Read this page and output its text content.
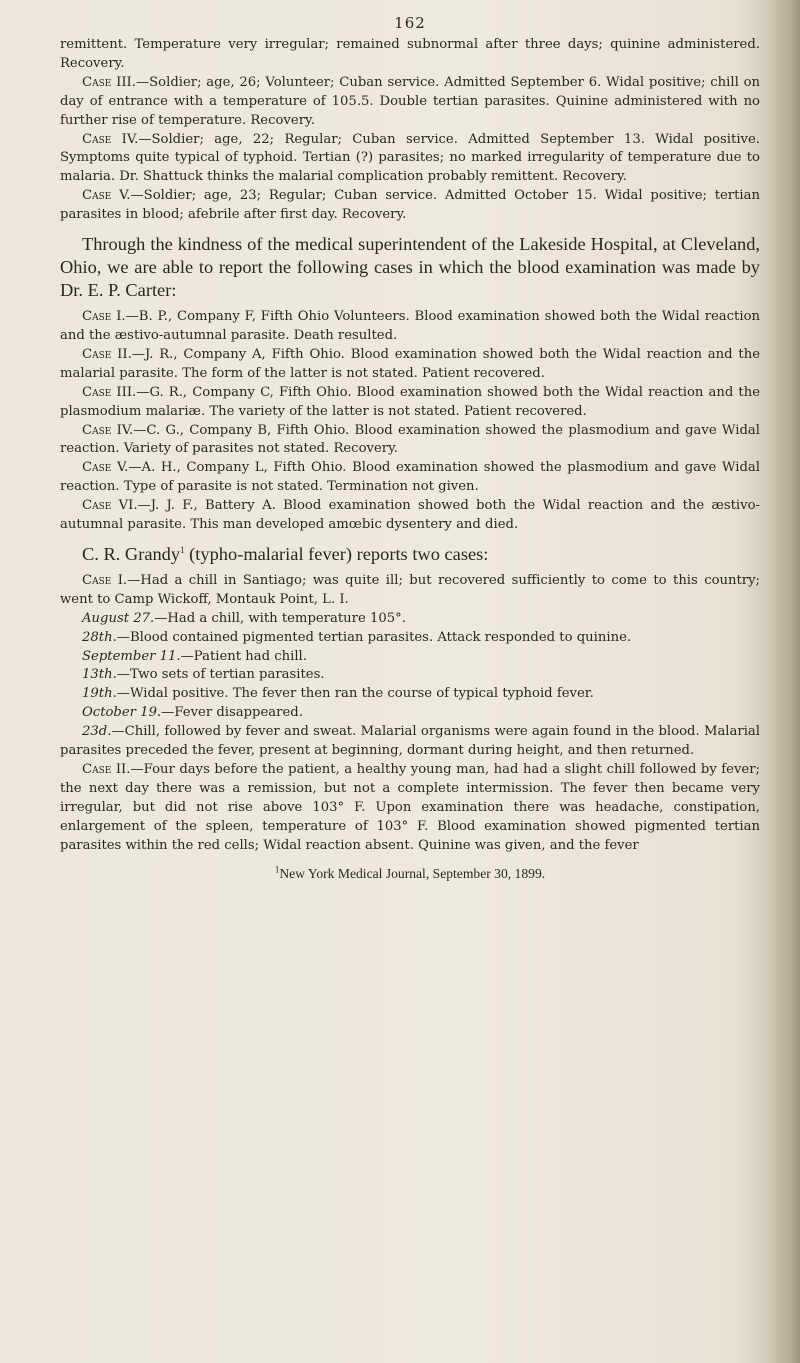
162

remittent. Temperature very irregular; remained subnormal after three days; quinine administered. Recovery.

Case III.—Soldier; age, 26; Volunteer; Cuban service. Admitted September 6. Widal positive; chill on day of entrance with a temperature of 105.5. Double tertian parasites. Quinine administered with no further rise of temperature. Recovery.

Case IV.—Soldier; age, 22; Regular; Cuban service. Admitted September 13. Widal positive. Symptoms quite typical of typhoid. Tertian (?) parasites; no marked irregularity of temperature due to malaria. Dr. Shattuck thinks the malarial complication probably remittent. Recovery.

Case V.—Soldier; age, 23; Regular; Cuban service. Admitted October 15. Widal positive; tertian parasites in blood; afebrile after first day. Recovery.

Through the kindness of the medical superintendent of the Lakeside Hospital, at Cleveland, Ohio, we are able to report the following cases in which the blood examination was made by Dr. E. P. Carter:

Case I.—B. P., Company F, Fifth Ohio Volunteers. Blood examination showed both the Widal reaction and the æstivo-autumnal parasite. Death resulted.

Case II.—J. R., Company A, Fifth Ohio. Blood examination showed both the Widal reaction and the malarial parasite. The form of the latter is not stated. Patient recovered.

Case III.—G. R., Company C, Fifth Ohio. Blood examination showed both the Widal reaction and the plasmodium malariæ. The variety of the latter is not stated. Patient recovered.

Case IV.—C. G., Company B, Fifth Ohio. Blood examination showed the plasmodium and gave Widal reaction. Variety of parasites not stated. Recovery.

Case V.—A. H., Company L, Fifth Ohio. Blood examination showed the plasmodium and gave Widal reaction. Type of parasite is not stated. Termination not given.

Case VI.—J. J. F., Battery A. Blood examination showed both the Widal reaction and the æstivo-autumnal parasite. This man developed amœbic dysentery and died.

C. R. Grandy$^1$ (typho-malarial fever) reports two cases:

Case I.—Had a chill in Santiago; was quite ill; but recovered sufficiently to come to this country; went to Camp Wickoff, Montauk Point, L. I.

August 27.—Had a chill, with temperature 105°.

28th.—Blood contained pigmented tertian parasites. Attack responded to quinine.

September 11.—Patient had chill.

13th.—Two sets of tertian parasites.

19th.—Widal positive. The fever then ran the course of typical typhoid fever.

October 19.—Fever disappeared.

23d.—Chill, followed by fever and sweat. Malarial organisms were again found in the blood. Malarial parasites preceded the fever, present at beginning, dormant during height, and then returned.

Case II.—Four days before the patient, a healthy young man, had had a slight chill followed by fever; the next day there was a remission, but not a complete intermission. The fever then became very irregular, but did not rise above 103° F. Upon examination there was headache, constipation, enlargement of the spleen, temperature of 103° F. Blood examination showed pigmented tertian parasites within the red cells; Widal reaction absent. Quinine was given, and the fever

$^1$New York Medical Journal, September 30, 1899.
